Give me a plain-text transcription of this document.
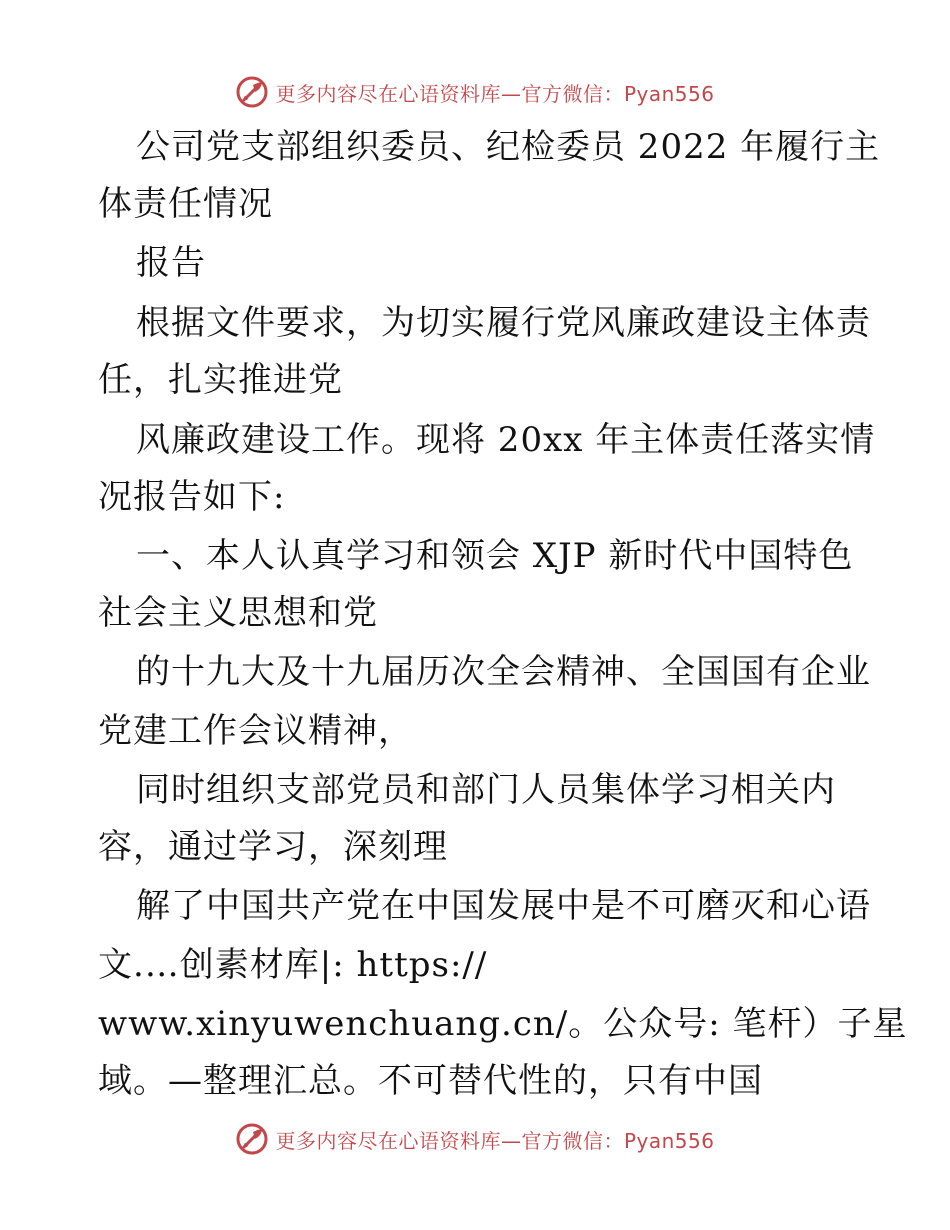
更多内容尽在心语资料库—官方微信：Pyan556
公司党支部组织委员、纪检委员 2022 年履行主
体责任情况
报告
根据文件要求，为切实履行党风廉政建设主体责
任，扎实推进党
风廉政建设工作。现将 20xx 年主体责任落实情
况报告如下:
一、本人认真学习和领会 XJP 新时代中国特色
社会主义思想和党
的十九大及十九届历次全会精神、全国国有企业
党建工作会议精神，
同时组织支部党员和部门人员集体学习相关内
容，通过学习，深刻理
解了中国共产党在中国发展中是不可磨灭和心语
文.…创素材库|: https://
www.xinyuwenchuang.cn/。公众号: 笔杆）子星
域。—整理汇总。不可替代性的，只有中国
更多内容尽在心语资料库—官方微信：Pyan556
